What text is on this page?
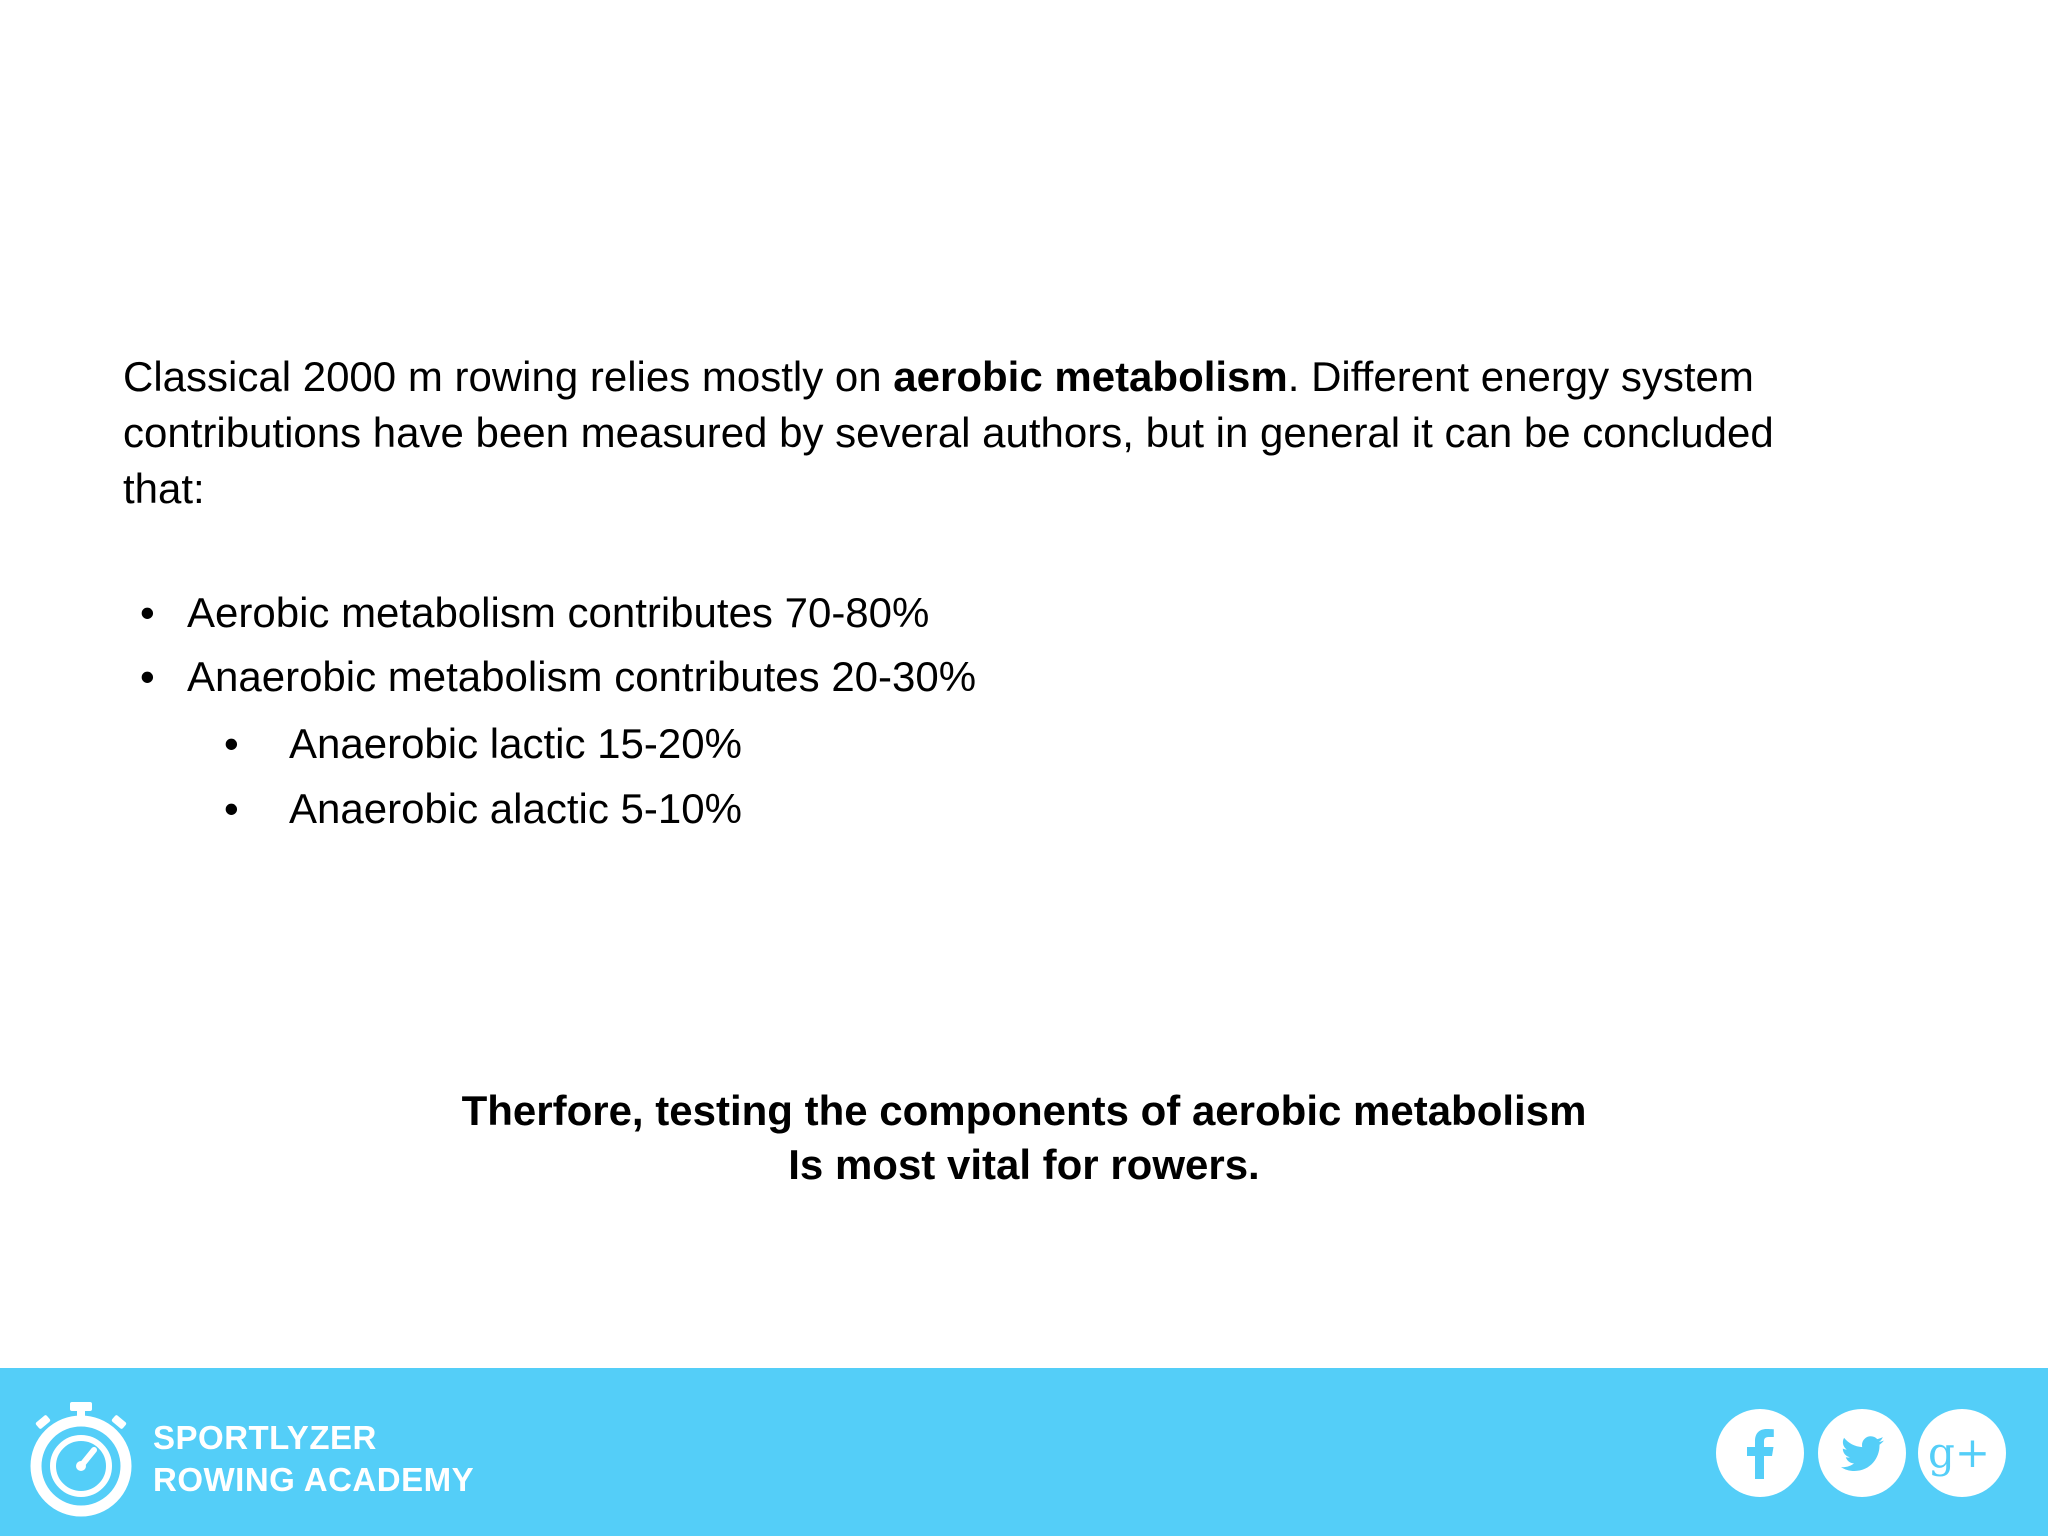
Classical 2000 m rowing relies mostly on aerobic metabolism. Different energy system
contributions have been measured by several authors, but in general it can be concluded
that:

• Aerobic metabolism contributes 70-80%
• Anaerobic metabolism contributes 20-30%
• Anaerobic lactic 15-20%
• Anaerobic alactic 5-10%
Therfore, testing the components of aerobic metabolism
Is most vital for rowers.
SPORTLYZER
ROWING ACADEMY
g+
